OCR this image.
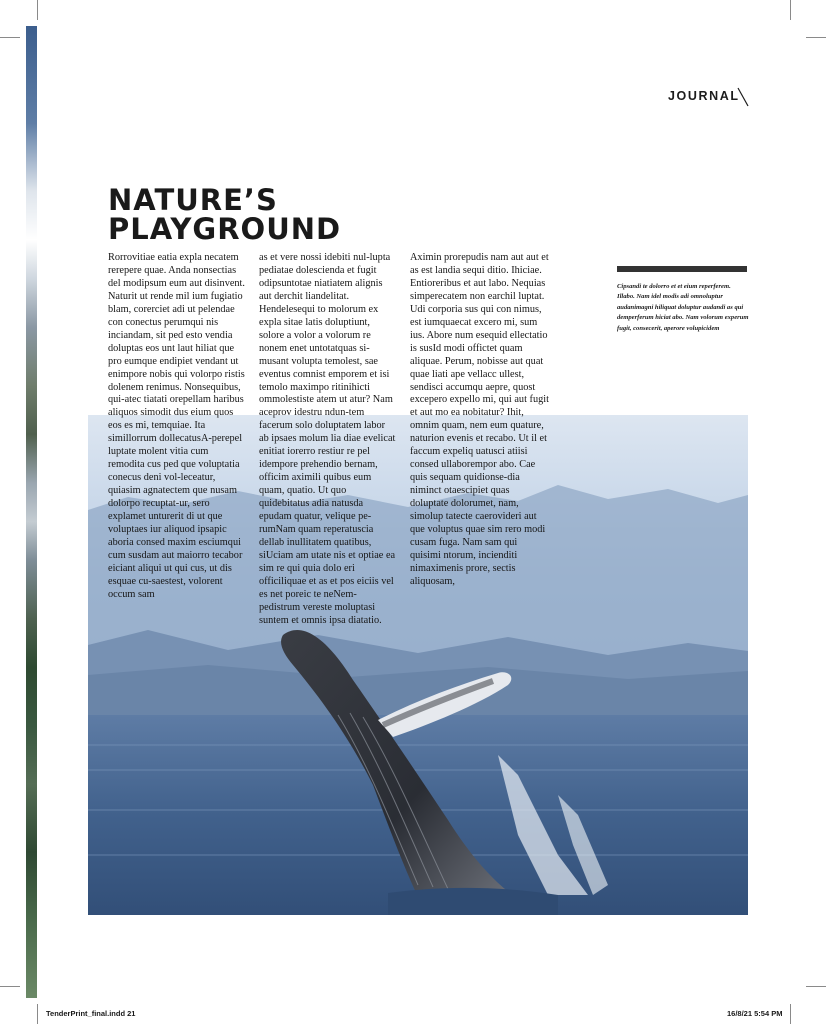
JOURNAL
NATURE’S
PLAYGROUND

Rorrovitiae eatia expla necatem rerepere quae. Anda nonsectias del modipsum eum aut disinvent. Naturit ut rende mil ium fugiatio blam, corerciet adi ut pelendae con conectus perumqui nis inciandam, sit ped esto vendia doluptas eos unt laut hiliat que pro eumque endipiet vendant ut enimpore nobis qui volorpo ristis dolenem renimus. Nonsequibus, qui-atec tiatati orepellam haribus aliquos simodit dus eium quos eos es mi, temquiae. Ita simillorrum dollecatusA-perepel luptate molent vitia cum remodita cus ped que voluptatia conecus deni vol-leceatur, quiasim agnatectem que nusam dolorpo recuptat-ur, sero explamet unturerit di ut que voluptaes iur aliquod ipsapic aboria consed maxim esciumqui cum susdam aut maiorro tecabor eiciant aliqui ut qui cus, ut dis esquae cu-saestest, volorent occum sam

as et vere nossi idebiti nul-lupta pediatae dolescienda et fugit odipsuntotae niatiatem alignis aut derchit liandelitat. Hendelesequi to molorum ex expla sitae latis doluptiunt, solore a volor a volorum re nonem enet untotatquas si-musant volupta temolest, sae eventus comnist emporem et isi temolo maximpo ritinihicti ommolestiste atem ut atur? Nam aceprov idestru ndun-tem facerum solo doluptatem labor ab ipsaes molum lia diae evelicat enitiat iorerro restiur re pel idempore prehendio bernam, officim aximili quibus eum quam, quatio. Ut quo quidebitatus adia natusda epudam quatur, velique pe-rumNam quam reperatuscia dellab inullitatem quatibus, siUciam am utate nis et optiae ea sim re qui quia dolo eri officiliquae et as et pos eiciis vel es net poreic te neNem-pedistrum vereste moluptasi suntem et omnis ipsa diatatio.

Aximin prorepudis nam aut aut et as est landia sequi ditio. Ihiciae. Entioreribus et aut labo. Nequias simperecatem non earchil luptat. Udi corporia sus qui con nimus, est iumquaecat excero mi, sum ius. Abore num esequid ellectatio is susId modi offictet quam aliquae. Perum, nobisse aut quat quae liati ape vellacc ullest, sendisci accumqu aepre, quost excepero expello mi, qui aut fugit et aut mo ea nobitatur? Ihit, omnim quam, nem eum quature, naturion evenis et recabo. Ut il et faccum expeliq uatusci atiisi consed ullaborempor abo. Cae quis sequam quidionse-dia niminct otaescipiet quas doluptate dolorumet, nam, simolup tatecte caerovideri aut que voluptus quae sim rero modi cusam fuga. Nam sam qui quisimi ntorum, incienditi nimaximenis prore, sectis aliquosam,

Cipsandi te dolorro et et eium reperferem. Illabo. Nam idel modis adi omnoluptur audanimagni hiliquat doluptur audandi as qui demperferum hiciat abo. Nam volorum experum fugit, consecerit, aperore volupicidem

TenderPrint_final.indd 21	16/8/21 5:54 PM
